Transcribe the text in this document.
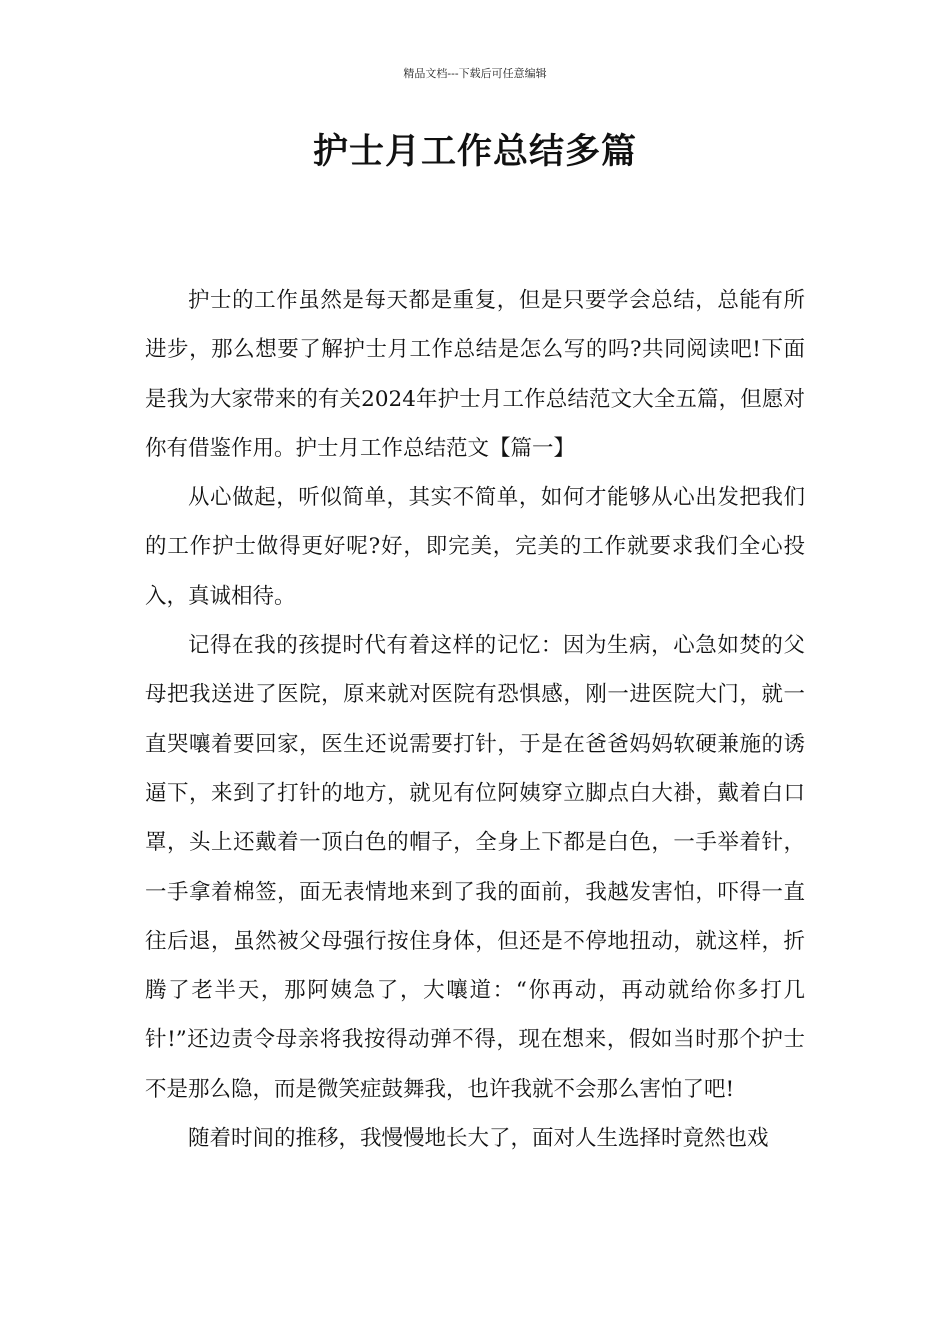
精品文档---下载后可任意编辑
护士月工作总结多篇

护士的工作虽然是每天都是重复，但是只要学会总结，总能有所进步，那么想要了解护士月工作总结是怎么写的吗?共同阅读吧!下面是我为大家带来的有关2024年护士月工作总结范文大全五篇，但愿对你有借鉴作用。护士月工作总结范文【篇一】

从心做起，听似简单，其实不简单，如何才能够从心出发把我们的工作护士做得更好呢?好，即完美，完美的工作就要求我们全心投入，真诚相待。

记得在我的孩提时代有着这样的记忆：因为生病，心急如焚的父母把我送进了医院，原来就对医院有恐惧感，刚一进医院大门，就一直哭嚷着要回家，医生还说需要打针，于是在爸爸妈妈软硬兼施的诱逼下，来到了打针的地方，就见有位阿姨穿立脚点白大褂，戴着白口罩，头上还戴着一顶白色的帽子，全身上下都是白色，一手举着针，一手拿着棉签，面无表情地来到了我的面前，我越发害怕，吓得一直往后退，虽然被父母强行按住身体，但还是不停地扭动，就这样，折腾了老半天，那阿姨急了，大嚷道：“你再动，再动就给你多打几针!”还边责令母亲将我按得动弹不得，现在想来，假如当时那个护士不是那么隐，而是微笑症鼓舞我，也许我就不会那么害怕了吧!

随着时间的推移，我慢慢地长大了，面对人生选择时竟然也戏
